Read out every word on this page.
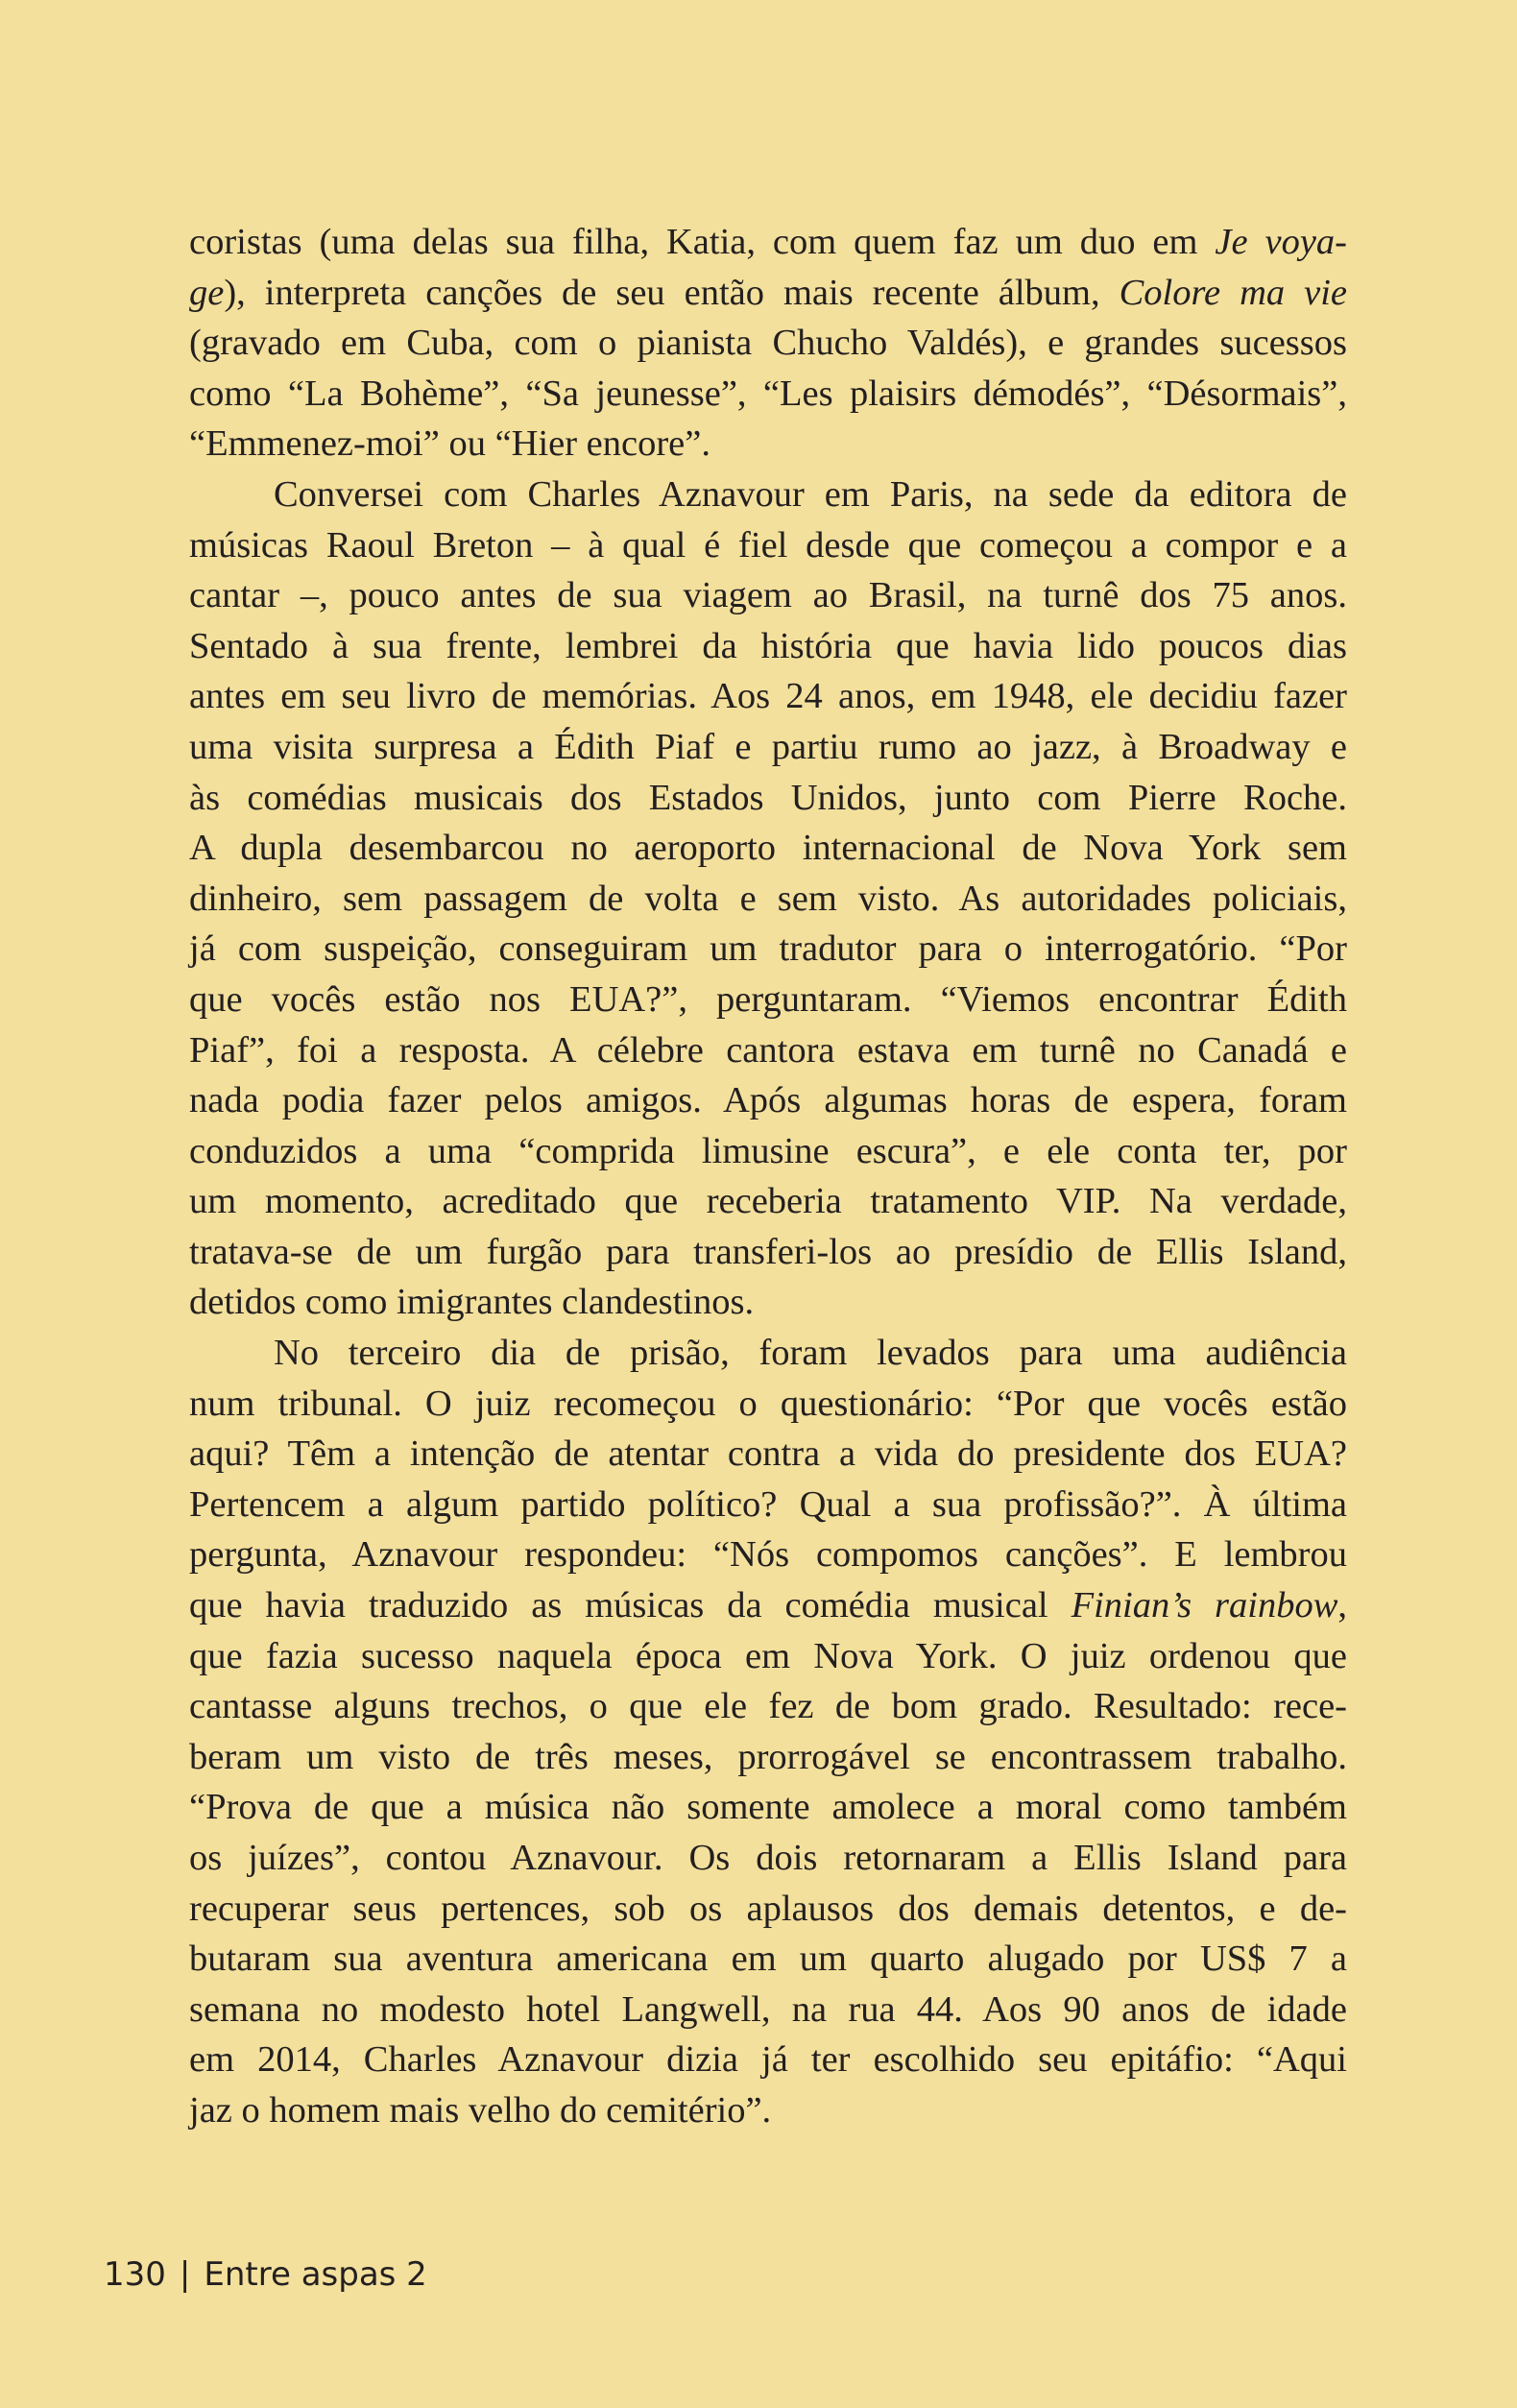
coristas (uma delas sua filha, Katia, com quem faz um duo em Je voya-
ge), interpreta canções de seu então mais recente álbum, Colore ma vie
(gravado em Cuba, com o pianista Chucho Valdés), e grandes sucessos
como “La Bohème”, “Sa jeunesse”, “Les plaisirs démodés”, “Désormais”,
“Emmenez-moi” ou “Hier encore”.
Conversei com Charles Aznavour em Paris, na sede da editora de
músicas Raoul Breton – à qual é fiel desde que começou a compor e a
cantar –, pouco antes de sua viagem ao Brasil, na turnê dos 75 anos.
Sentado à sua frente, lembrei da história que havia lido poucos dias
antes em seu livro de memórias. Aos 24 anos, em 1948, ele decidiu fazer
uma visita surpresa a Édith Piaf e partiu rumo ao jazz, à Broadway e
às comédias musicais dos Estados Unidos, junto com Pierre Roche.
A dupla desembarcou no aeroporto internacional de Nova York sem
dinheiro, sem passagem de volta e sem visto. As autoridades policiais,
já com suspeição, conseguiram um tradutor para o interrogatório. “Por
que vocês estão nos EUA?”, perguntaram. “Viemos encontrar Édith
Piaf”, foi a resposta. A célebre cantora estava em turnê no Canadá e
nada podia fazer pelos amigos. Após algumas horas de espera, foram
conduzidos a uma “comprida limusine escura”, e ele conta ter, por
um momento, acreditado que receberia tratamento VIP. Na verdade,
tratava-se de um furgão para transferi-los ao presídio de Ellis Island,
detidos como imigrantes clandestinos.
No terceiro dia de prisão, foram levados para uma audiência
num tribunal. O juiz recomeçou o questionário: “Por que vocês estão
aqui? Têm a intenção de atentar contra a vida do presidente dos EUA?
Pertencem a algum partido político? Qual a sua profissão?”. À última
pergunta, Aznavour respondeu: “Nós compomos canções”. E lembrou
que havia traduzido as músicas da comédia musical Finian’s rainbow,
que fazia sucesso naquela época em Nova York. O juiz ordenou que
cantasse alguns trechos, o que ele fez de bom grado. Resultado: rece-
beram um visto de três meses, prorrogável se encontrassem trabalho.
“Prova de que a música não somente amolece a moral como também
os juízes”, contou Aznavour. Os dois retornaram a Ellis Island para
recuperar seus pertences, sob os aplausos dos demais detentos, e de-
butaram sua aventura americana em um quarto alugado por US$ 7 a
semana no modesto hotel Langwell, na rua 44. Aos 90 anos de idade
em 2014, Charles Aznavour dizia já ter escolhido seu epitáfio: “Aqui
jaz o homem mais velho do cemitério”.
130 | Entre aspas 2
